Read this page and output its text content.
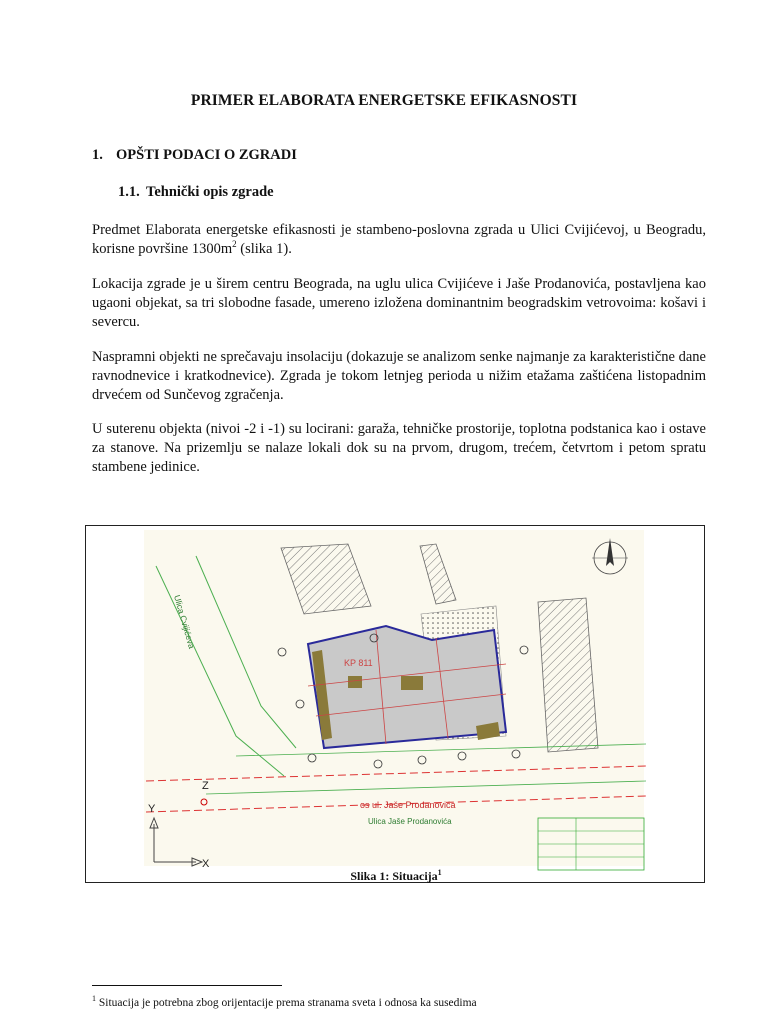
PRIMER ELABORATA ENERGETSKE EFIKASNOSTI
1. OPŠTI PODACI O ZGRADI
1.1. Tehnički opis zgrade

Predmet Elaborata energetske efikasnosti je stambeno-poslovna zgrada u Ulici Cvijićevoj, u Beogradu, korisne površine $1300m^2$ (slika 1).

Lokacija zgrade je u širem centru Beograda, na uglu ulica Cvijićeve i Jaše Prodanovića, postavljena kao ugaoni objekat, sa tri slobodne fasade, umereno izložena dominantnim beogradskim vetrovoima: košavi i severcu.

Naspramni objekti ne sprečavaju insolaciju (dokazuje se analizom senke najmanje za karakteristične dane ravnodnevice i kratkodnevice). Zgrada je tokom letnjeg perioda u nižim etažama zaštićena listopadnim drvećem od Sunčevog zgračenja.

U suterenu objekta (nivoi -2 i -1) su locirani: garaža, tehničke prostorije, toplotna podstanica kao i ostave za stanove. Na prizemlju se nalaze lokali dok su na prvom, drugom, trećem, četvrtom i petom spratu stambene jedinice.

KP 811
Ulica Cvijićeva
os ul. Jaše Prodanovića
Ulica Jaše Prodanovića
Y
X
Z
Slika 1: Situacija$^1$
$^1$ Situacija je potrebna zbog orijentacije prema stranama sveta i odnosa ka susedima
